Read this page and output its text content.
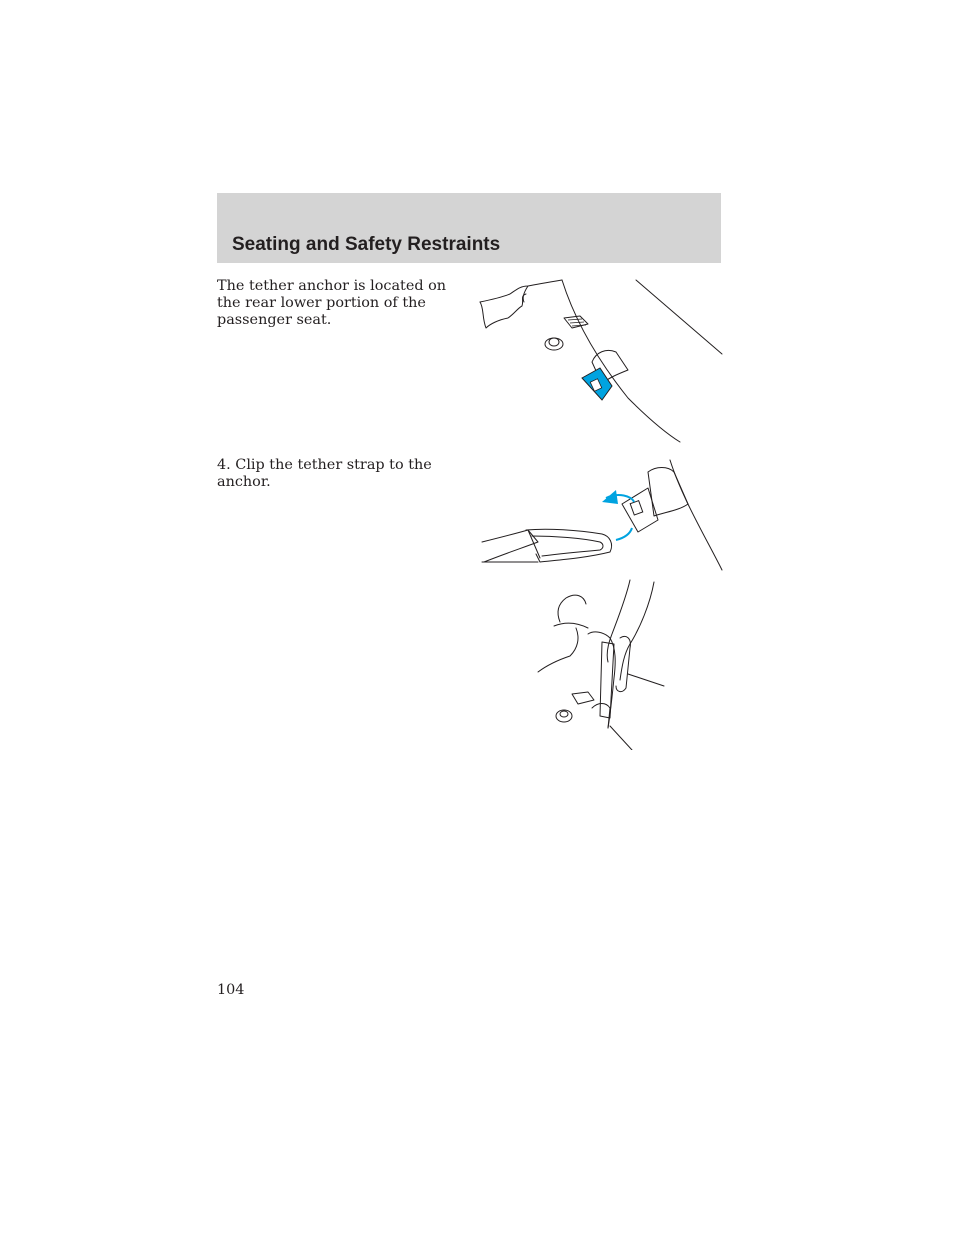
Seating and Safety Restraints

The tether anchor is located on the rear lower portion of the passenger seat.

4. Clip the tether strap to the anchor.

104
